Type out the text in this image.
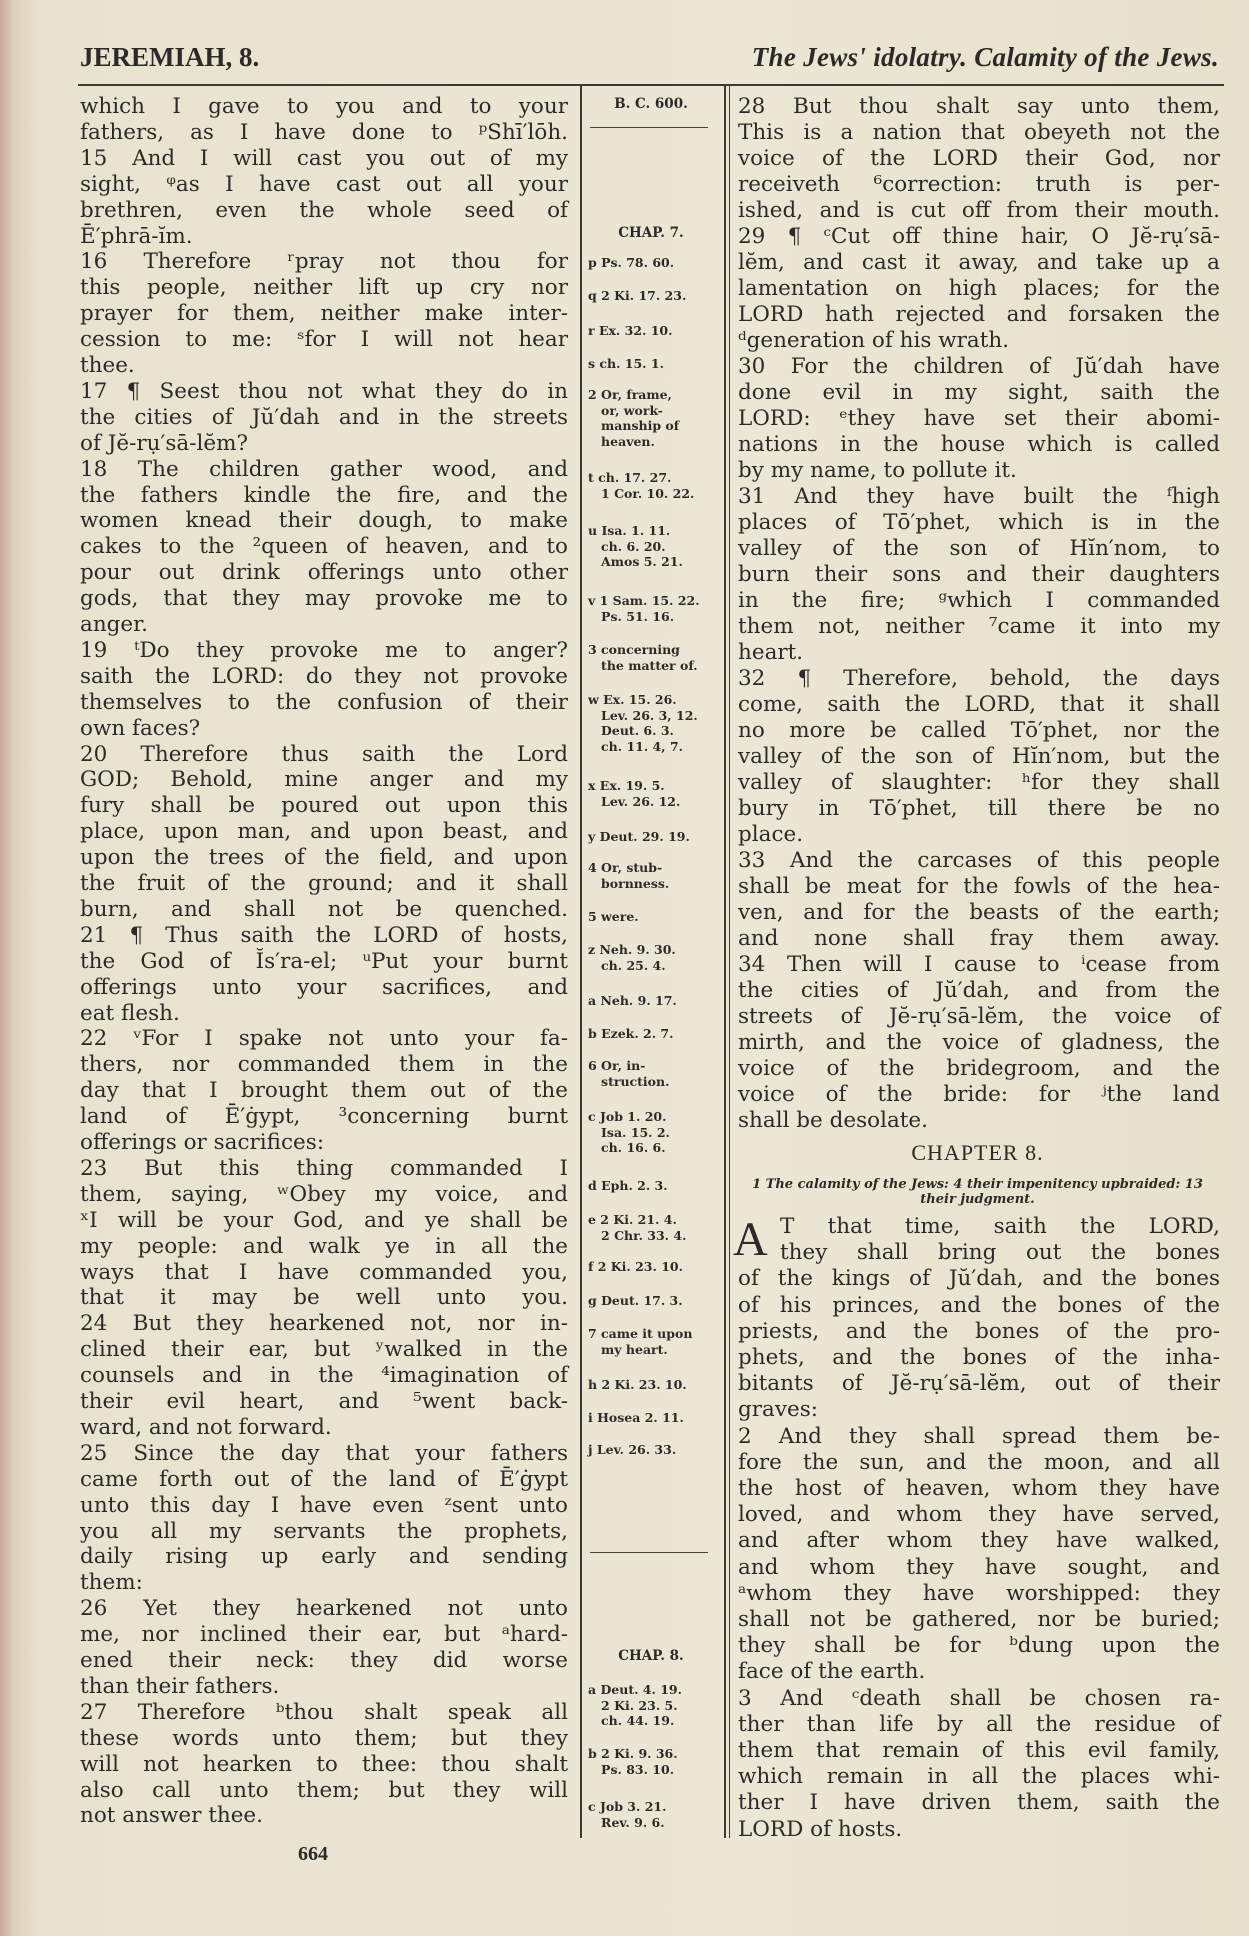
JEREMIAH, 8.	The Jews' idolatry. Calamity of the Jews.
which I gave to you and to your
fathers, as I have done to ᵖShī′lōh.
15 And I will cast you out of my
sight, ᵠas I have cast out all your
brethren, even the whole seed of
Ē′phrā-ĭm.
16 Therefore ʳpray not thou for
this people, neither lift up cry nor
prayer for them, neither make inter-
cession to me: ˢfor I will not hear
thee.
17 ¶ Seest thou not what they do in
the cities of Jŭ′dah and in the streets
of Jĕ-rụ′sā-lĕm?
18 The children gather wood, and
the fathers kindle the fire, and the
women knead their dough, to make
cakes to the ²queen of heaven, and to
pour out drink offerings unto other
gods, that they may provoke me to
anger.
19 ᵗDo they provoke me to anger?
saith the LORD: do they not provoke
themselves to the confusion of their
own faces?
20 Therefore thus saith the Lord
GOD; Behold, mine anger and my
fury shall be poured out upon this
place, upon man, and upon beast, and
upon the trees of the field, and upon
the fruit of the ground; and it shall
burn, and shall not be quenched.
21 ¶ Thus saith the LORD of hosts,
the God of Ĭs′ra-el; ᵘPut your burnt
offerings unto your sacrifices, and
eat flesh.
22 ᵛFor I spake not unto your fa-
thers, nor commanded them in the
day that I brought them out of the
land of Ē′ġypt, ³concerning burnt
offerings or sacrifices:
23 But this thing commanded I
them, saying, ʷObey my voice, and
ˣI will be your God, and ye shall be
my people: and walk ye in all the
ways that I have commanded you,
that it may be well unto you.
24 But they hearkened not, nor in-
clined their ear, but ʸwalked in the
counsels and in the ⁴imagination of
their evil heart, and ⁵went back-
ward, and not forward.
25 Since the day that your fathers
came forth out of the land of Ē′ġypt
unto this day I have even ᶻsent unto
you all my servants the prophets,
daily rising up early and sending
them:
26 Yet they hearkened not unto
me, nor inclined their ear, but ᵃhard-
ened their neck: they did worse
than their fathers.
27 Therefore ᵇthou shalt speak all
these words unto them; but they
will not hearken to thee: thou shalt
also call unto them; but they will
not answer thee.
B. C. 600.
CHAP. 7.
p Ps. 78. 60.
q 2 Ki. 17. 23.
r Ex. 32. 10.
s ch. 15. 1.
2 Or, frame,
or, work-
manship of
heaven.
t ch. 17. 27.
1 Cor. 10. 22.
u Isa. 1. 11.
ch. 6. 20.
Amos 5. 21.
v 1 Sam. 15. 22.
Ps. 51. 16.
3 concerning
the matter of.
w Ex. 15. 26.
Lev. 26. 3, 12.
Deut. 6. 3.
ch. 11. 4, 7.
x Ex. 19. 5.
Lev. 26. 12.
y Deut. 29. 19.
4 Or, stub-
bornness.
5 were.
z Neh. 9. 30.
ch. 25. 4.
a Neh. 9. 17.
b Ezek. 2. 7.
6 Or, in-
struction.
c Job 1. 20.
Isa. 15. 2.
ch. 16. 6.
d Eph. 2. 3.
e 2 Ki. 21. 4.
2 Chr. 33. 4.
f 2 Ki. 23. 10.
g Deut. 17. 3.
7 came it upon
my heart.
h 2 Ki. 23. 10.
i Hosea 2. 11.
j Lev. 26. 33.
CHAP. 8.
a Deut. 4. 19.
2 Ki. 23. 5.
ch. 44. 19.
b 2 Ki. 9. 36.
Ps. 83. 10.
c Job 3. 21.
Rev. 9. 6.
28 But thou shalt say unto them,
This is a nation that obeyeth not the
voice of the LORD their God, nor
receiveth ⁶correction: truth is per-
ished, and is cut off from their mouth.
29 ¶ ᶜCut off thine hair, O Jĕ-rụ′sā-
lĕm, and cast it away, and take up a
lamentation on high places; for the
LORD hath rejected and forsaken the
ᵈgeneration of his wrath.
30 For the children of Jŭ′dah have
done evil in my sight, saith the
LORD: ᵉthey have set their abomi-
nations in the house which is called
by my name, to pollute it.
31 And they have built the ᶠhigh
places of Tō′phet, which is in the
valley of the son of Hĭn′nom, to
burn their sons and their daughters
in the fire; ᵍwhich I commanded
them not, neither ⁷came it into my
heart.
32 ¶ Therefore, behold, the days
come, saith the LORD, that it shall
no more be called Tō′phet, nor the
valley of the son of Hĭn′nom, but the
valley of slaughter: ʰfor they shall
bury in Tō′phet, till there be no
place.
33 And the carcases of this people
shall be meat for the fowls of the hea-
ven, and for the beasts of the earth;
and none shall fray them away.
34 Then will I cause to ⁱcease from
the cities of Jŭ′dah, and from the
streets of Jĕ-rụ′sā-lĕm, the voice of
mirth, and the voice of gladness, the
voice of the bridegroom, and the
voice of the bride: for ʲthe land
shall be desolate.
CHAPTER 8.
1 The calamity of the Jews: 4 their impenitency upbraided: 13 their judgment.
A T that time, saith the LORD,
they shall bring out the bones
of the kings of Jŭ′dah, and the bones
of his princes, and the bones of the
priests, and the bones of the pro-
phets, and the bones of the inha-
bitants of Jĕ-rụ′sā-lĕm, out of their
graves:
2 And they shall spread them be-
fore the sun, and the moon, and all
the host of heaven, whom they have
loved, and whom they have served,
and after whom they have walked,
and whom they have sought, and
ᵃwhom they have worshipped: they
shall not be gathered, nor be buried;
they shall be for ᵇdung upon the
face of the earth.
3 And ᶜdeath shall be chosen ra-
ther than life by all the residue of
them that remain of this evil family,
which remain in all the places whi-
ther I have driven them, saith the
LORD of hosts.
664
